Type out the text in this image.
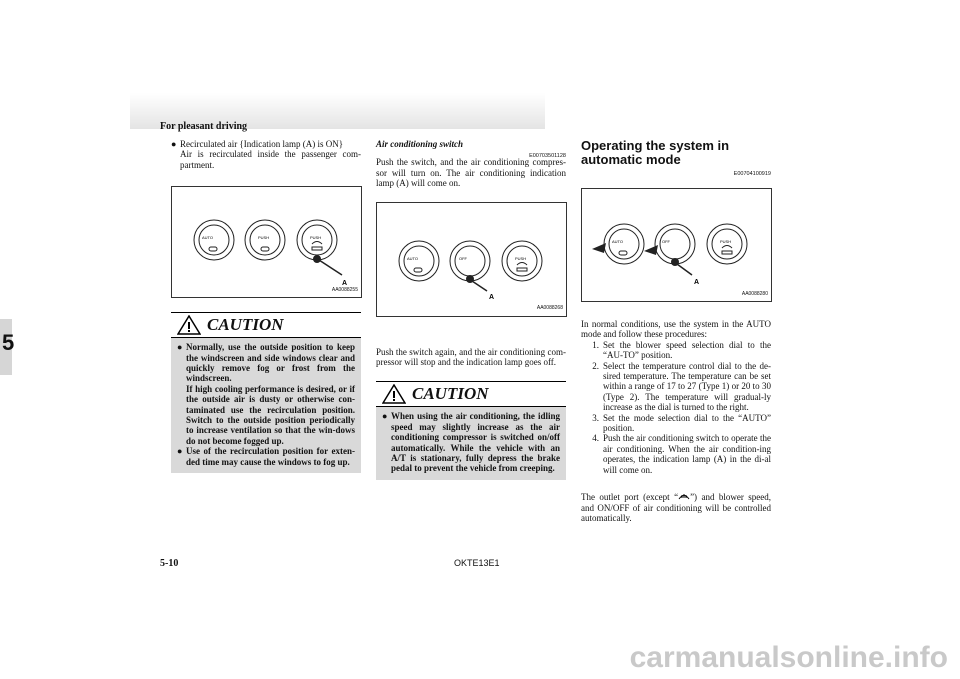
For pleasant driving
5
● Recirculated air {Indication lamp (A) is ON}
Air is recirculated inside the passenger com-partment.
AUTO	PUSH	PUSH
A
AA0088255
CAUTION
● Normally, use the outside position to keep the windscreen and side windows clear and quickly remove fog or frost from the windscreen.
If high cooling performance is desired, or if the outside air is dusty or otherwise con-taminated use the recirculation position. Switch to the outside position periodically to increase ventilation so that the win-dows do not become fogged up.
● Use of the recirculation position for exten-ded time may cause the windows to fog up.
Air conditioning switch
E00703501128
Push the switch, and the air conditioning compres-sor will turn on. The air conditioning indication lamp (A) will come on.
AUTO	OFF	PUSH
A
AA0088268
Push the switch again, and the air conditioning com-pressor will stop and the indication lamp goes off.
CAUTION
● When using the air conditioning, the idling speed may slightly increase as the air conditioning compressor is switched on/off automatically. While the vehicle with an A/T is stationary, fully depress the brake pedal to prevent the vehicle from creeping.
Operating the system in automatic mode
E00704100919
AUTO	OFF	PUSH
A
AA0088280
In normal conditions, use the system in the AUTO mode and follow these procedures:
1. Set the blower speed selection dial to the “AU-TO” position.
2. Select the temperature control dial to the de-sired temperature. The temperature can be set within a range of 17 to 27 (Type 1) or 20 to 30 (Type 2). The temperature will gradual-ly increase as the dial is turned to the right.
3. Set the mode selection dial to the “AUTO” position.
4. Push the air conditioning switch to operate the air conditioning. When the air condition-ing operates, the indication lamp (A) in the di-al will come on.
The outlet port (except “ ”) and blower speed, and ON/OFF of air conditioning will be controlled automatically.
5-10	OKTE13E1
carmanualsonline.info
